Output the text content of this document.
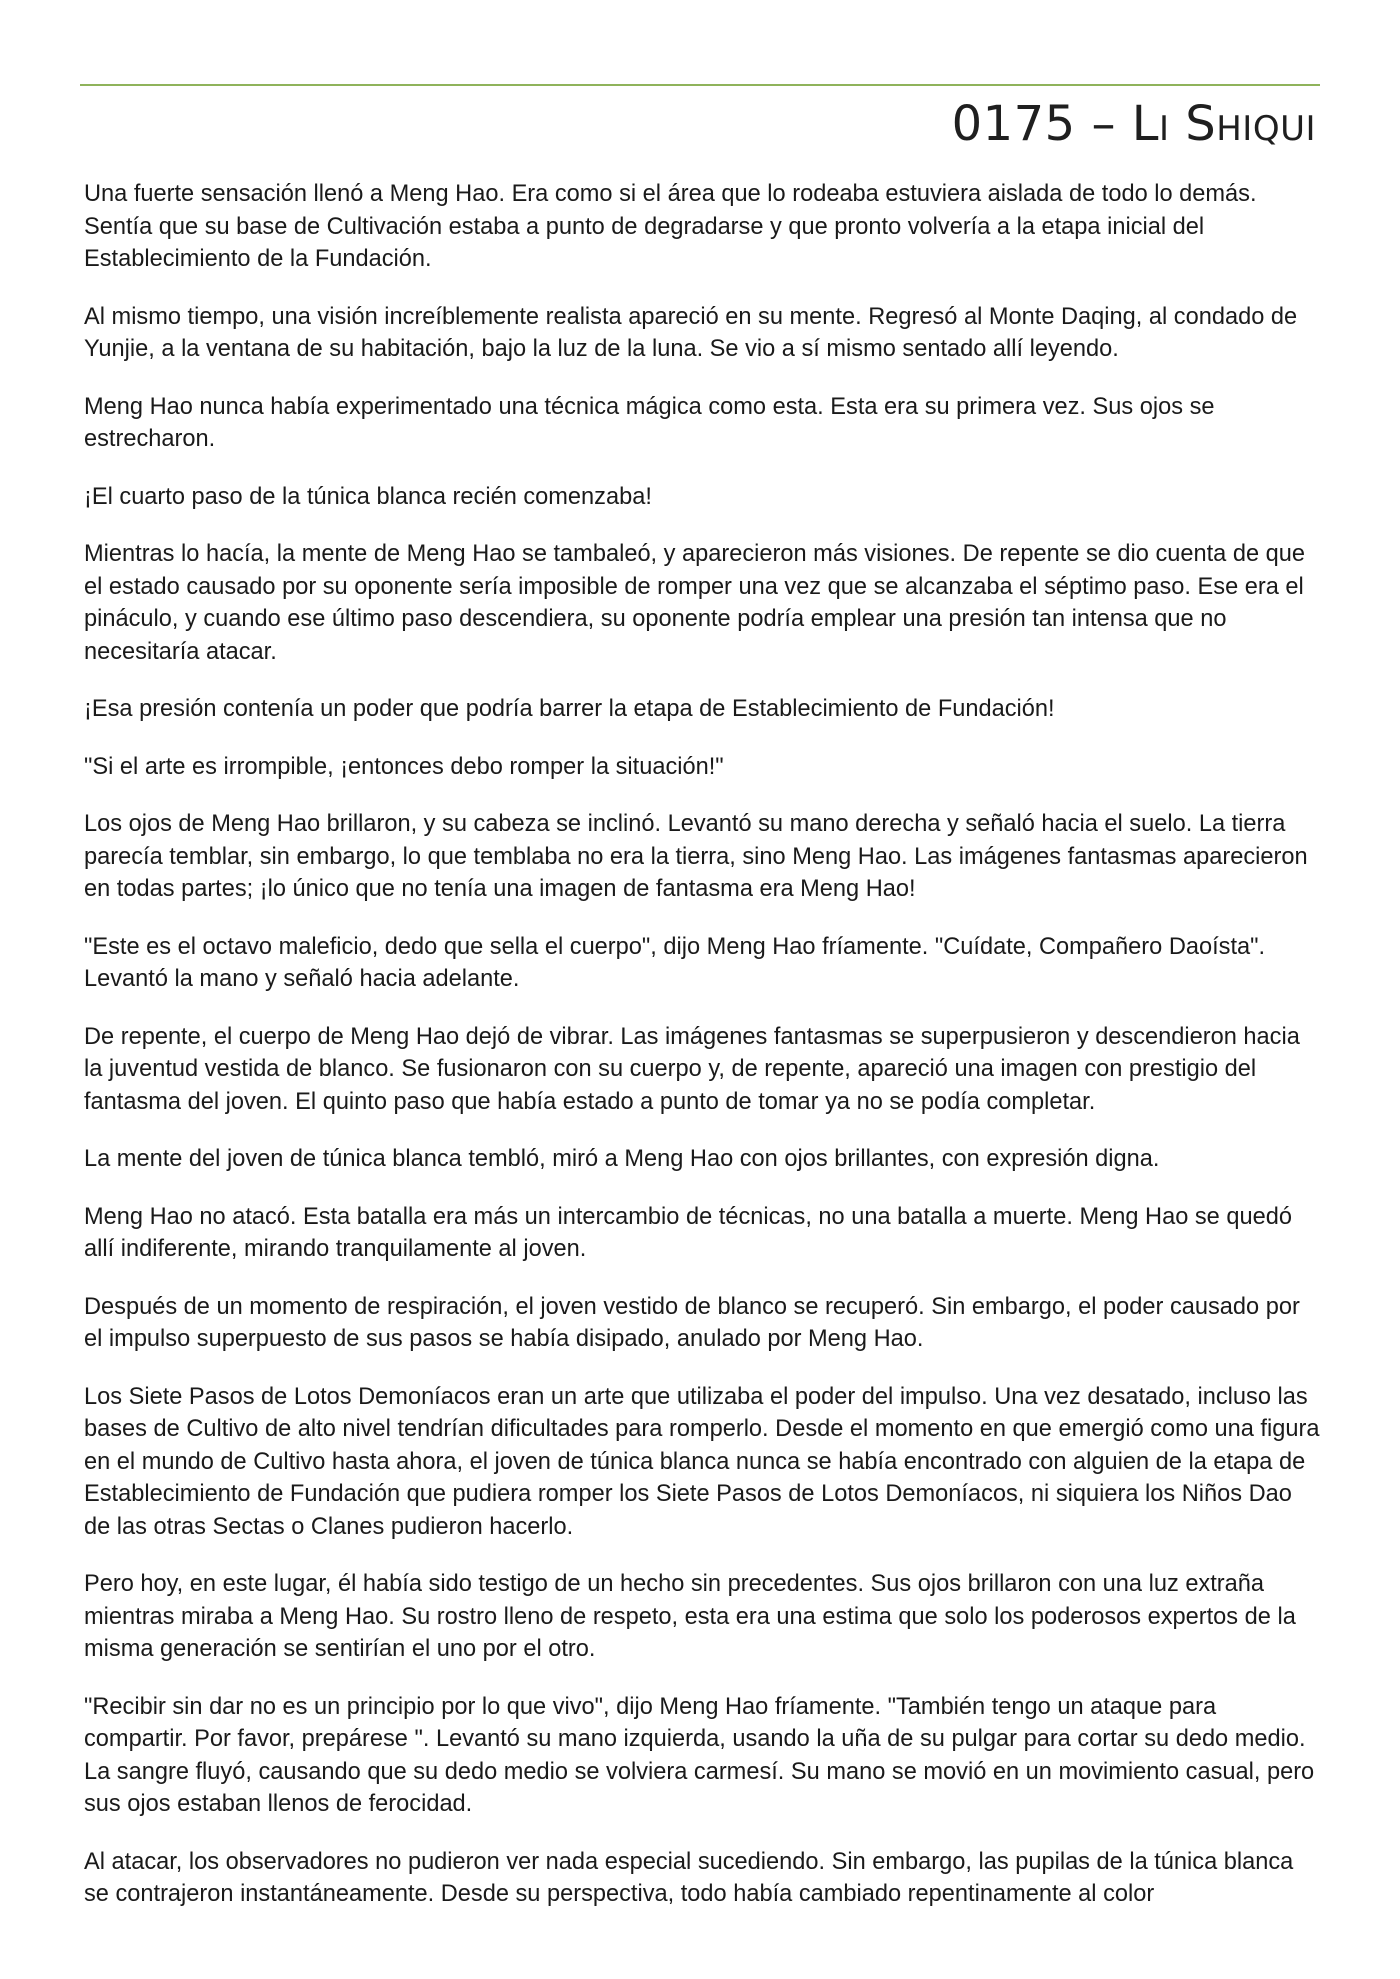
0175 – Li Shiqui

Una fuerte sensación llenó a Meng Hao. Era como si el área que lo rodeaba estuviera aislada de todo lo demás. Sentía que su base de Cultivación estaba a punto de degradarse y que pronto volvería a la etapa inicial del Establecimiento de la Fundación.

Al mismo tiempo, una visión increíblemente realista apareció en su mente. Regresó al Monte Daqing, al condado de Yunjie, a la ventana de su habitación, bajo la luz de la luna. Se vio a sí mismo sentado allí leyendo.

Meng Hao nunca había experimentado una técnica mágica como esta. Esta era su primera vez. Sus ojos se estrecharon.

¡El cuarto paso de la túnica blanca recién comenzaba!

Mientras lo hacía, la mente de Meng Hao se tambaleó, y aparecieron más visiones. De repente se dio cuenta de que el estado causado por su oponente sería imposible de romper una vez que se alcanzaba el séptimo paso. Ese era el pináculo, y cuando ese último paso descendiera, su oponente podría emplear una presión tan intensa que no necesitaría atacar.

¡Esa presión contenía un poder que podría barrer la etapa de Establecimiento de Fundación!

"Si el arte es irrompible, ¡entonces debo romper la situación!"

Los ojos de Meng Hao brillaron, y su cabeza se inclinó. Levantó su mano derecha y señaló hacia el suelo. La tierra parecía temblar, sin embargo, lo que temblaba no era la tierra, sino Meng Hao. Las imágenes fantasmas aparecieron en todas partes; ¡lo único que no tenía una imagen de fantasma era Meng Hao!

"Este es el octavo maleficio, dedo que sella el cuerpo", dijo Meng Hao fríamente. "Cuídate, Compañero Daoísta". Levantó la mano y señaló hacia adelante.

De repente, el cuerpo de Meng Hao dejó de vibrar. Las imágenes fantasmas se superpusieron y descendieron hacia la juventud vestida de blanco. Se fusionaron con su cuerpo y, de repente, apareció una imagen con prestigio del fantasma del joven. El quinto paso que había estado a punto de tomar ya no se podía completar.

La mente del joven de túnica blanca tembló, miró a Meng Hao con ojos brillantes, con expresión digna.

Meng Hao no atacó. Esta batalla era más un intercambio de técnicas, no una batalla a muerte. Meng Hao se quedó allí indiferente, mirando tranquilamente al joven.

Después de un momento de respiración, el joven vestido de blanco se recuperó. Sin embargo, el poder causado por el impulso superpuesto de sus pasos se había disipado, anulado por Meng Hao.

Los Siete Pasos de Lotos Demoníacos eran un arte que utilizaba el poder del impulso. Una vez desatado, incluso las bases de Cultivo de alto nivel tendrían dificultades para romperlo. Desde el momento en que emergió como una figura en el mundo de Cultivo hasta ahora, el joven de túnica blanca nunca se había encontrado con alguien de la etapa de Establecimiento de Fundación que pudiera romper los Siete Pasos de Lotos Demoníacos, ni siquiera los Niños Dao de las otras Sectas o Clanes pudieron hacerlo.

Pero hoy, en este lugar, él había sido testigo de un hecho sin precedentes. Sus ojos brillaron con una luz extraña mientras miraba a Meng Hao. Su rostro lleno de respeto, esta era una estima que solo los poderosos expertos de la misma generación se sentirían el uno por el otro.

"Recibir sin dar no es un principio por lo que vivo", dijo Meng Hao fríamente. "También tengo un ataque para compartir. Por favor, prepárese ". Levantó su mano izquierda, usando la uña de su pulgar para cortar su dedo medio. La sangre fluyó, causando que su dedo medio se volviera carmesí. Su mano se movió en un movimiento casual, pero sus ojos estaban llenos de ferocidad.

Al atacar, los observadores no pudieron ver nada especial sucediendo. Sin embargo, las pupilas de la túnica blanca se contrajeron instantáneamente. Desde su perspectiva, todo había cambiado repentinamente al color
